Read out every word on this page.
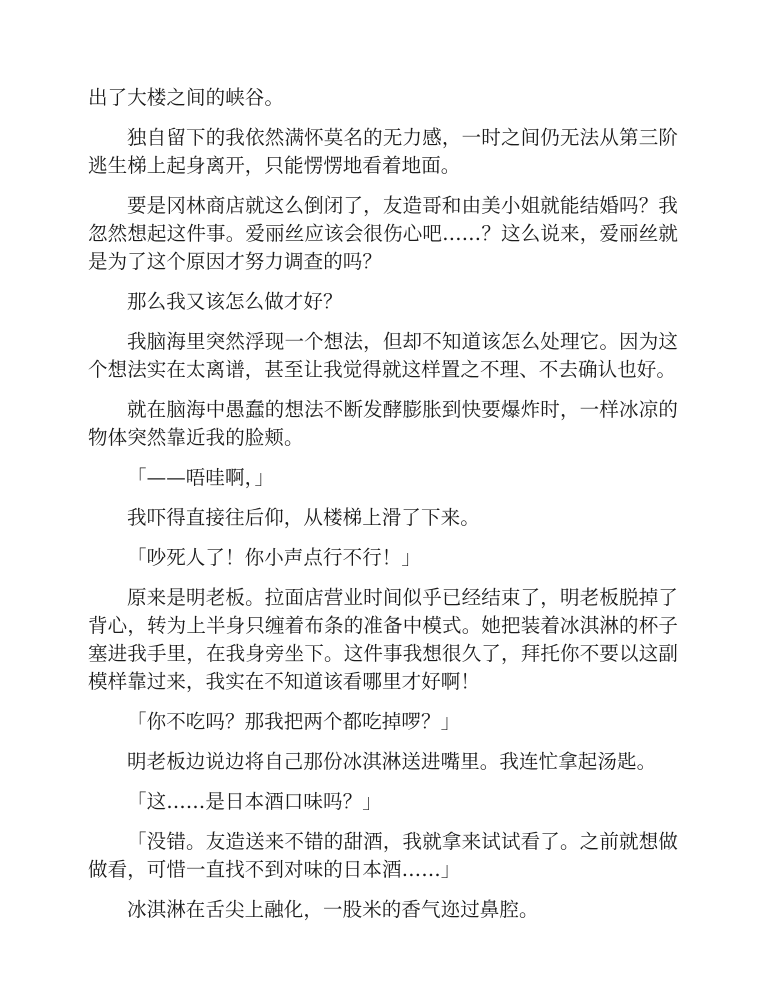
出了大楼之间的峡谷。

独自留下的我依然满怀莫名的无力感，一时之间仍无法从第三阶逃生梯上起身离开，只能愣愣地看着地面。

要是冈林商店就这么倒闭了，友造哥和由美小姐就能结婚吗？我忽然想起这件事。爱丽丝应该会很伤心吧……？这么说来，爱丽丝就是为了这个原因才努力调查的吗？

那么我又该怎么做才好？

我脑海里突然浮现一个想法，但却不知道该怎么处理它。因为这个想法实在太离谱，甚至让我觉得就这样置之不理、不去确认也好。

就在脑海中愚蠢的想法不断发酵膨胀到快要爆炸时，一样冰凉的物体突然靠近我的脸颊。

「——唔哇啊，」

我吓得直接往后仰，从楼梯上滑了下来。

「吵死人了！你小声点行不行！」

原来是明老板。拉面店营业时间似乎已经结束了，明老板脱掉了背心，转为上半身只缠着布条的准备中模式。她把装着冰淇淋的杯子塞进我手里，在我身旁坐下。这件事我想很久了，拜托你不要以这副模样靠过来，我实在不知道该看哪里才好啊！

「你不吃吗？那我把两个都吃掉啰？」

明老板边说边将自己那份冰淇淋送进嘴里。我连忙拿起汤匙。

「这……是日本酒口味吗？」

「没错。友造送来不错的甜酒，我就拿来试试看了。之前就想做做看，可惜一直找不到对味的日本酒……」

冰淇淋在舌尖上融化，一股米的香气迩过鼻腔。
